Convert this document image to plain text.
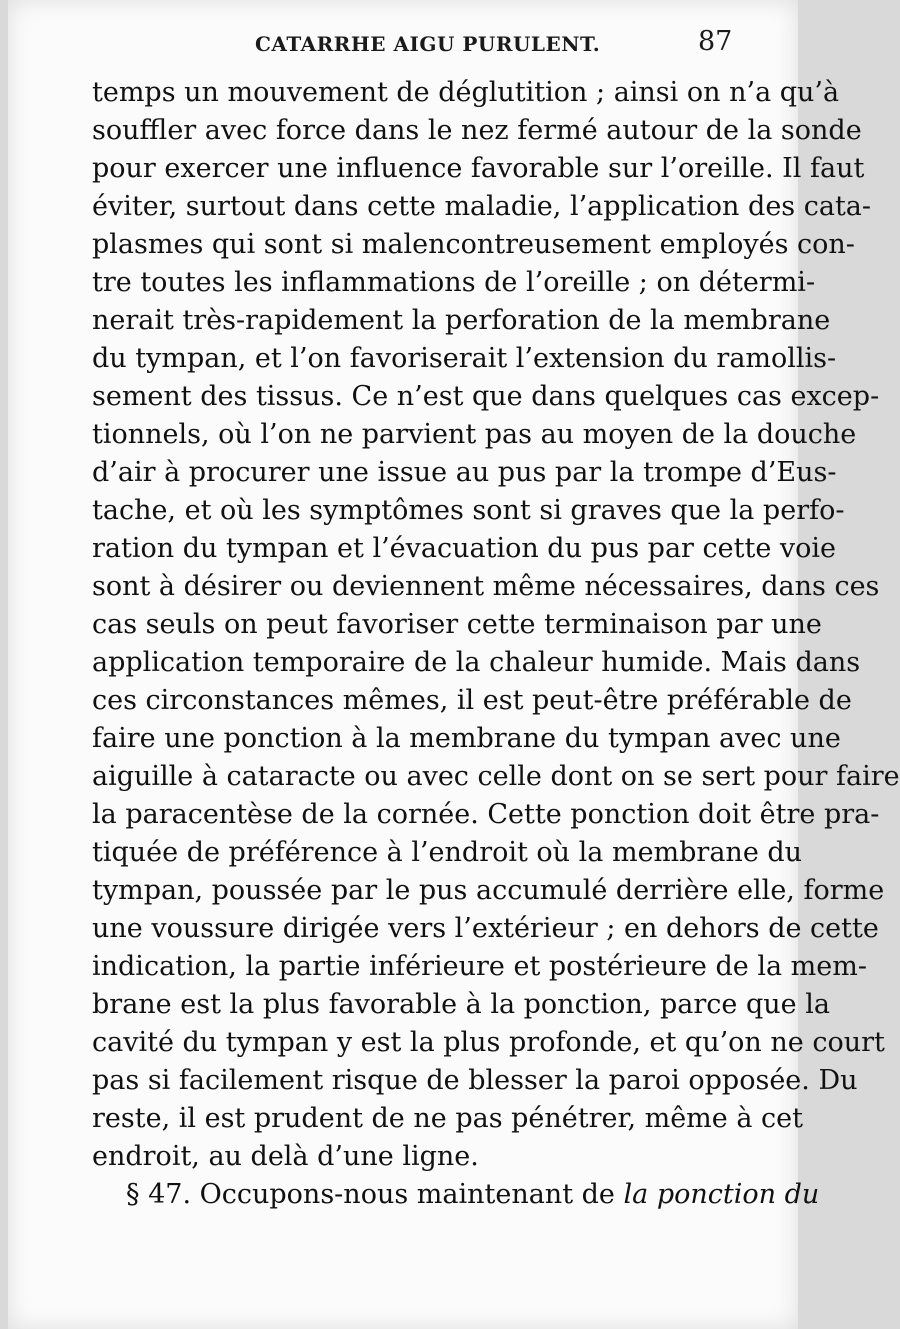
CATARRHE AIGU PURULENT.	87
temps un mouvement de déglutition ; ainsi on n’a qu’à
souffler avec force dans le nez fermé autour de la sonde
pour exercer une influence favorable sur l’oreille. Il faut
éviter, surtout dans cette maladie, l’application des cata-
plasmes qui sont si malencontreusement employés con-
tre toutes les inflammations de l’oreille ; on détermi-
nerait très-rapidement la perforation de la membrane
du tympan, et l’on favoriserait l’extension du ramollis-
sement des tissus. Ce n’est que dans quelques cas excep-
tionnels, où l’on ne parvient pas au moyen de la douche
d’air à procurer une issue au pus par la trompe d’Eus-
tache, et où les symptômes sont si graves que la perfo-
ration du tympan et l’évacuation du pus par cette voie
sont à désirer ou deviennent même nécessaires, dans ces
cas seuls on peut favoriser cette terminaison par une
application temporaire de la chaleur humide. Mais dans
ces circonstances mêmes, il est peut-être préférable de
faire une ponction à la membrane du tympan avec une
aiguille à cataracte ou avec celle dont on se sert pour faire
la paracentèse de la cornée. Cette ponction doit être pra-
tiquée de préférence à l’endroit où la membrane du
tympan, poussée par le pus accumulé derrière elle, forme
une voussure dirigée vers l’extérieur ; en dehors de cette
indication, la partie inférieure et postérieure de la mem-
brane est la plus favorable à la ponction, parce que la
cavité du tympan y est la plus profonde, et qu’on ne court
pas si facilement risque de blesser la paroi opposée. Du
reste, il est prudent de ne pas pénétrer, même à cet
endroit, au delà d’une ligne.
§ 47. Occupons-nous maintenant de la ponction du
